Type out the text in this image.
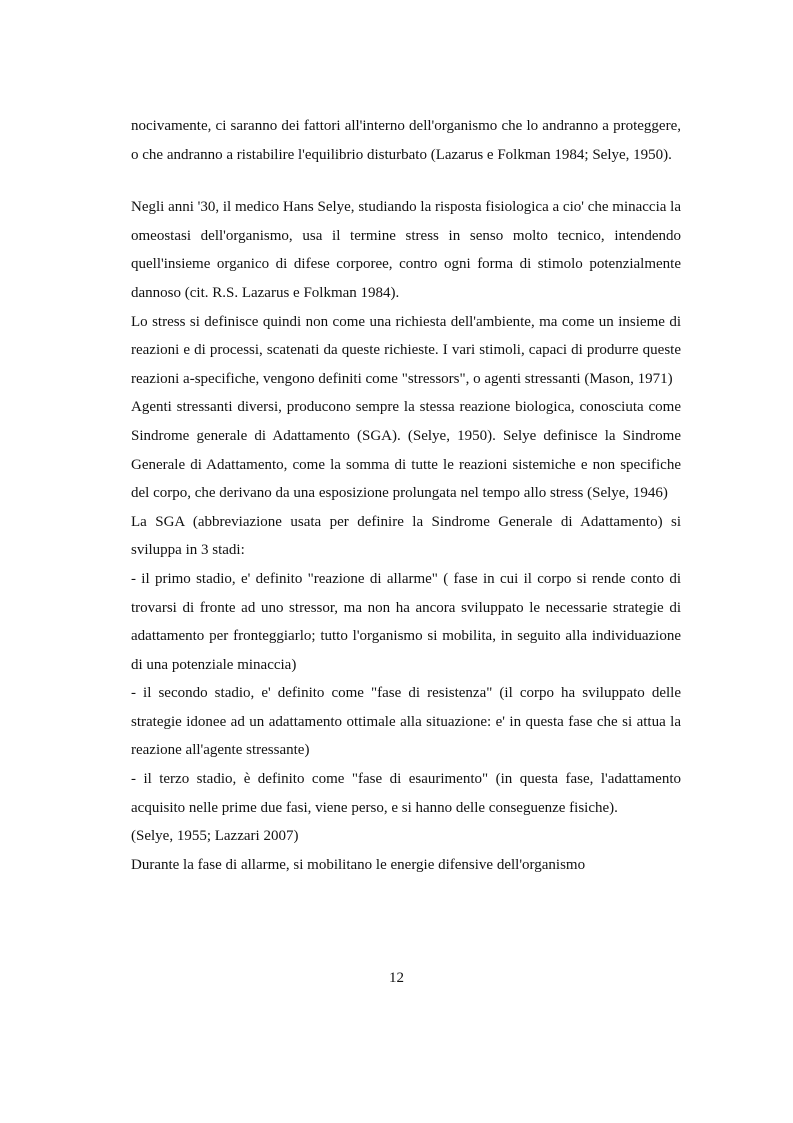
nocivamente, ci saranno dei fattori all'interno dell'organismo che lo andranno a proteggere, o che andranno a ristabilire l'equilibrio disturbato (Lazarus e Folkman 1984; Selye, 1950).

Negli anni '30, il medico Hans Selye, studiando la risposta fisiologica a cio' che minaccia la omeostasi dell'organismo, usa il termine stress in senso molto tecnico, intendendo quell'insieme organico di difese corporee, contro ogni forma di stimolo potenzialmente dannoso (cit. R.S. Lazarus e Folkman 1984).

Lo stress si definisce quindi non come una richiesta dell'ambiente, ma come un insieme di reazioni e di processi, scatenati da queste richieste. I vari stimoli, capaci di produrre queste reazioni a-specifiche, vengono definiti come "stressors", o agenti stressanti (Mason, 1971)

Agenti stressanti diversi, producono sempre la stessa reazione biologica, conosciuta come Sindrome generale di Adattamento (SGA). (Selye, 1950). Selye definisce la Sindrome Generale di Adattamento, come la somma di tutte le reazioni sistemiche e non specifiche del corpo, che derivano da una esposizione prolungata nel tempo allo stress (Selye, 1946)

La SGA (abbreviazione usata per definire la Sindrome Generale di Adattamento) si sviluppa in 3 stadi:

- il primo stadio, e' definito "reazione di allarme" ( fase in cui il corpo si rende conto di trovarsi di fronte ad uno stressor, ma non ha ancora sviluppato le necessarie strategie di adattamento per fronteggiarlo; tutto l'organismo si mobilita, in seguito alla individuazione di una potenziale minaccia)

- il secondo stadio, e' definito come "fase di resistenza" (il corpo ha sviluppato delle strategie idonee ad un adattamento ottimale alla situazione: e' in questa fase che si attua la reazione all'agente stressante)

- il terzo stadio, è definito come "fase di esaurimento" (in questa fase, l'adattamento acquisito nelle prime due fasi, viene perso, e si hanno delle conseguenze fisiche).

(Selye, 1955; Lazzari 2007)

Durante la fase di allarme, si mobilitano le energie difensive dell'organismo

12
